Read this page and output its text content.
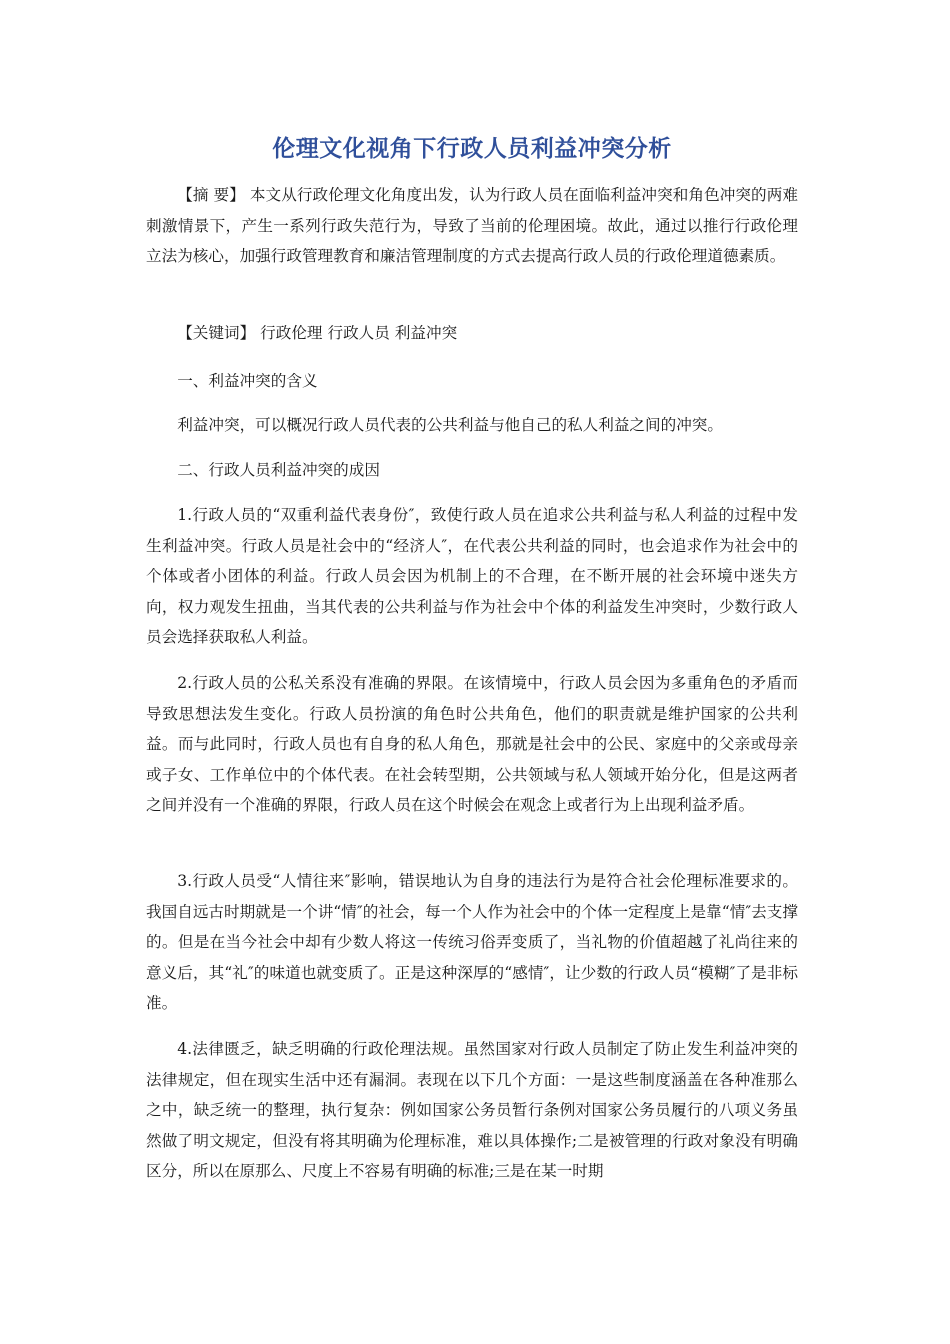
伦理文化视角下行政人员利益冲突分析

【摘 要】 本文从行政伦理文化角度出发，认为行政人员在面临利益冲突和角色冲突的两难刺激情景下，产生一系列行政失范行为，导致了当前的伦理困境。故此，通过以推行行政伦理立法为核心，加强行政管理教育和廉洁管理制度的方式去提高行政人员的行政伦理道德素质。

【关键词】 行政伦理 行政人员 利益冲突

一、利益冲突的含义

利益冲突，可以概况行政人员代表的公共利益与他自己的私人利益之间的冲突。

二、行政人员利益冲突的成因

1.行政人员的“双重利益代表身份″，致使行政人员在追求公共利益与私人利益的过程中发生利益冲突。行政人员是社会中的“经济人″，在代表公共利益的同时，也会追求作为社会中的个体或者小团体的利益。行政人员会因为机制上的不合理，在不断开展的社会环境中迷失方向，权力观发生扭曲，当其代表的公共利益与作为社会中个体的利益发生冲突时，少数行政人员会选择获取私人利益。

2.行政人员的公私关系没有准确的界限。在该情境中，行政人员会因为多重角色的矛盾而导致思想法发生变化。行政人员扮演的角色时公共角色，他们的职责就是维护国家的公共利益。而与此同时，行政人员也有自身的私人角色，那就是社会中的公民、家庭中的父亲或母亲或子女、工作单位中的个体代表。在社会转型期，公共领域与私人领域开始分化，但是这两者之间并没有一个准确的界限，行政人员在这个时候会在观念上或者行为上出现利益矛盾。

3.行政人员受“人情往来″影响，错误地认为自身的违法行为是符合社会伦理标准要求的。我国自远古时期就是一个讲“情″的社会，每一个人作为社会中的个体一定程度上是靠“情″去支撑的。但是在当今社会中却有少数人将这一传统习俗弄变质了，当礼物的价值超越了礼尚往来的意义后，其“礼″的味道也就变质了。正是这种深厚的“感情″，让少数的行政人员“模糊″了是非标准。

4.法律匮乏，缺乏明确的行政伦理法规。虽然国家对行政人员制定了防止发生利益冲突的法律规定，但在现实生活中还有漏洞。表现在以下几个方面：一是这些制度涵盖在各种准那么之中，缺乏统一的整理，执行复杂：例如国家公务员暂行条例对国家公务员履行的八项义务虽然做了明文规定，但没有将其明确为伦理标准，难以具体操作;二是被管理的行政对象没有明确区分，所以在原那么、尺度上不容易有明确的标准;三是在某一时期
